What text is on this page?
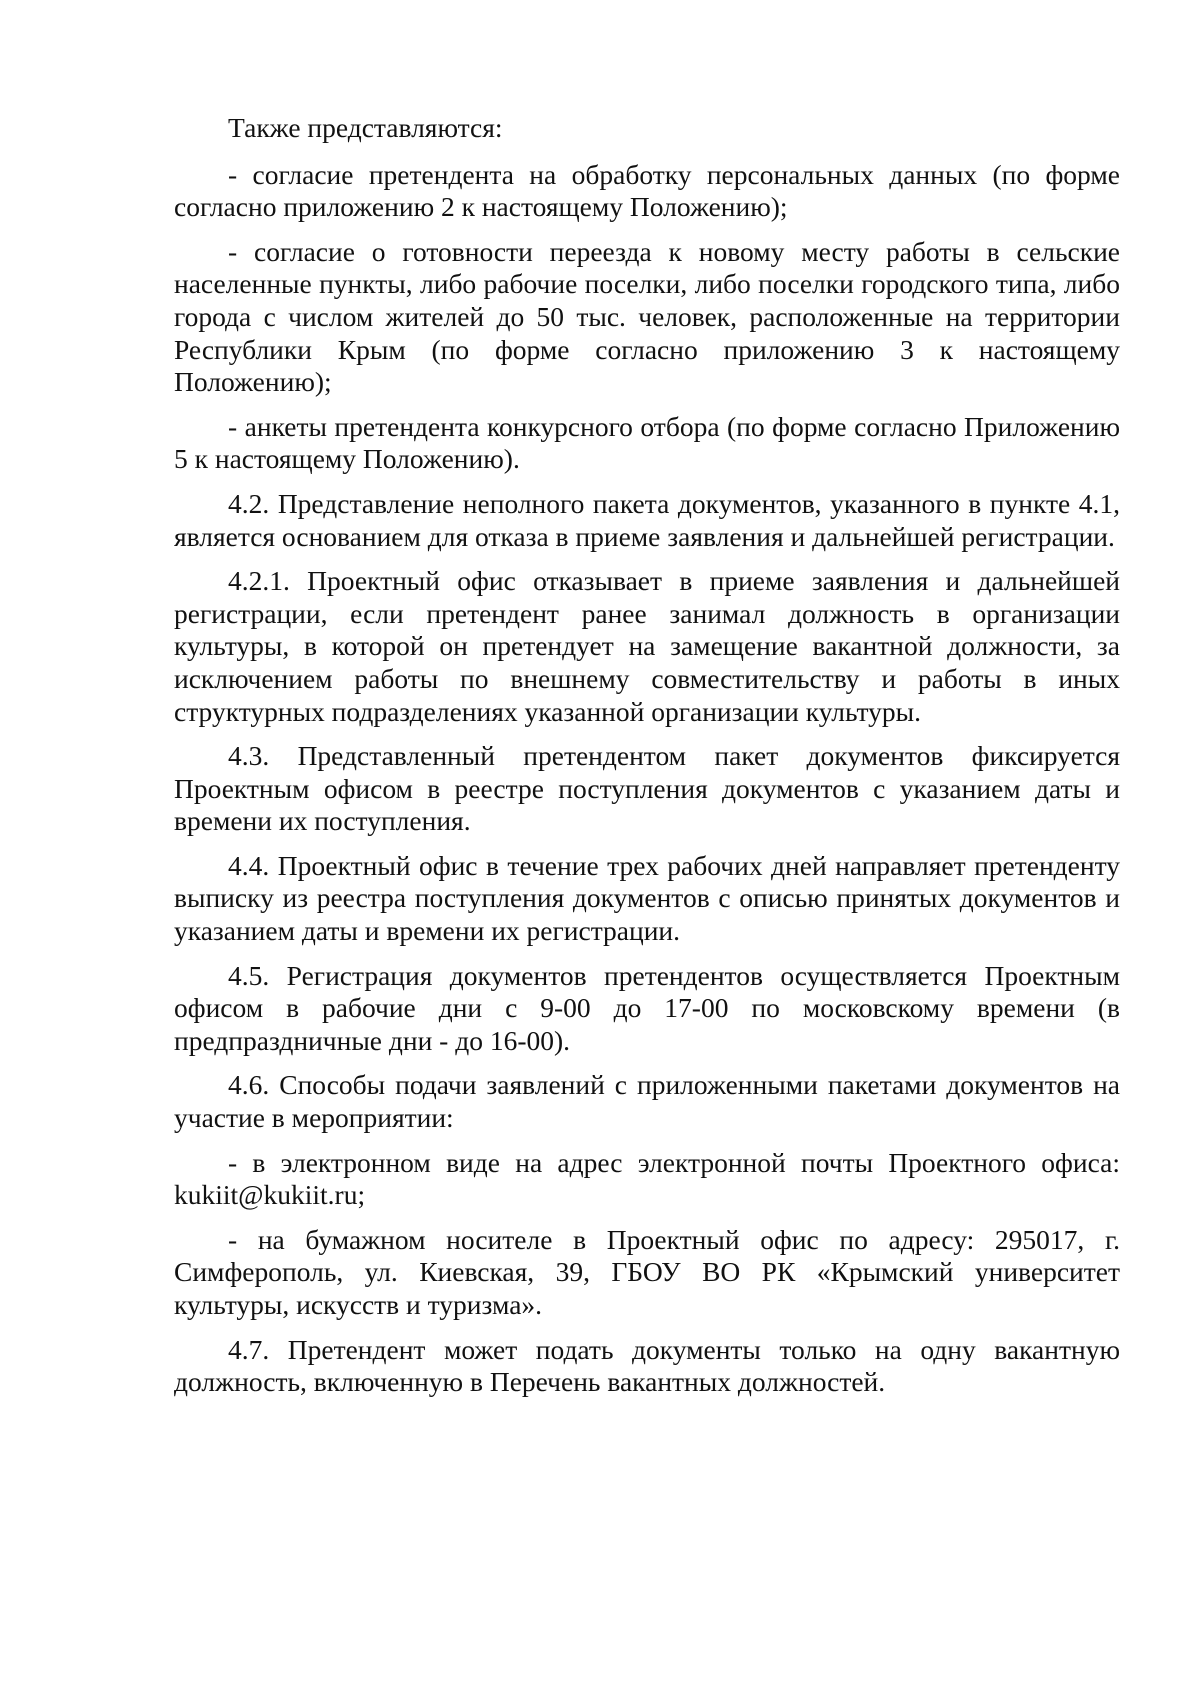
Также представляются:

- согласие претендента на обработку персональных данных (по форме согласно приложению 2 к настоящему Положению);

- согласие о готовности переезда к новому месту работы в сельские населенные пункты, либо рабочие поселки, либо поселки городского типа, либо города с числом жителей до 50 тыс. человек, расположенные на территории Республики Крым (по форме согласно приложению 3 к настоящему Положению);

- анкеты претендента конкурсного отбора (по форме согласно Приложению 5 к настоящему Положению).

4.2. Представление неполного пакета документов, указанного в пункте 4.1, является основанием для отказа в приеме заявления и дальнейшей регистрации.

4.2.1. Проектный офис отказывает в приеме заявления и дальнейшей регистрации, если претендент ранее занимал должность в организации культуры, в которой он претендует на замещение вакантной должности, за исключением работы по внешнему совместительству и работы в иных структурных подразделениях указанной организации культуры.

4.3. Представленный претендентом пакет документов фиксируется Проектным офисом в реестре поступления документов с указанием даты и времени их поступления.

4.4. Проектный офис в течение трех рабочих дней направляет претенденту выписку из реестра поступления документов с описью принятых документов и указанием даты и времени их регистрации.

4.5. Регистрация документов претендентов осуществляется Проектным офисом в рабочие дни с 9-00 до 17-00 по московскому времени (в предпраздничные дни - до 16-00).

4.6. Способы подачи заявлений с приложенными пакетами документов на участие в мероприятии:

- в электронном виде на адрес электронной почты Проектного офиса: kukiit@kukiit.ru;

- на бумажном носителе в Проектный офис по адресу: 295017, г. Симферополь, ул. Киевская, 39, ГБОУ ВО РК «Крымский университет культуры, искусств и туризма».

4.7. Претендент может подать документы только на одну вакантную должность, включенную в Перечень вакантных должностей.
